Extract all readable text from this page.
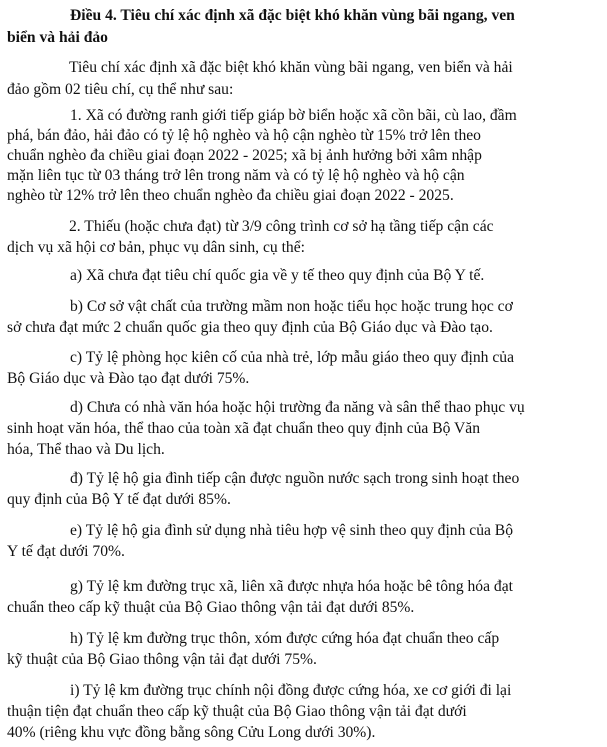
Điều 4. Tiêu chí xác định xã đặc biệt khó khăn vùng bãi ngang, ven
biển và hải đảo
Tiêu chí xác định xã đặc biệt khó khăn vùng bãi ngang, ven biển và hải
đảo gồm 02 tiêu chí, cụ thể như sau:
1. Xã có đường ranh giới tiếp giáp bờ biển hoặc xã cồn bãi, cù lao, đầm
phá, bán đảo, hải đảo có tỷ lệ hộ nghèo và hộ cận nghèo từ 15% trở lên theo
chuẩn nghèo đa chiều giai đoạn 2022 - 2025; xã bị ảnh hưởng bởi xâm nhập
mặn liên tục từ 03 tháng trở lên trong năm và có tỷ lệ hộ nghèo và hộ cận
nghèo từ 12% trở lên theo chuẩn nghèo đa chiều giai đoạn 2022 - 2025.
2. Thiếu (hoặc chưa đạt) từ 3/9 công trình cơ sở hạ tầng tiếp cận các
dịch vụ xã hội cơ bản, phục vụ dân sinh, cụ thể:
a) Xã chưa đạt tiêu chí quốc gia về y tế theo quy định của Bộ Y tế.
b) Cơ sở vật chất của trường mầm non hoặc tiểu học hoặc trung học cơ
sở chưa đạt mức 2 chuẩn quốc gia theo quy định của Bộ Giáo dục và Đào tạo.
c) Tỷ lệ phòng học kiên cố của nhà trẻ, lớp mẫu giáo theo quy định của
Bộ Giáo dục và Đào tạo đạt dưới 75%.
d) Chưa có nhà văn hóa hoặc hội trường đa năng và sân thể thao phục vụ
sinh hoạt văn hóa, thể thao của toàn xã đạt chuẩn theo quy định của Bộ Văn
hóa, Thể thao và Du lịch.
đ) Tỷ lệ hộ gia đình tiếp cận được nguồn nước sạch trong sinh hoạt theo
quy định của Bộ Y tế đạt dưới 85%.
e) Tỷ lệ hộ gia đình sử dụng nhà tiêu hợp vệ sinh theo quy định của Bộ
Y tế đạt dưới 70%.
g) Tỷ lệ km đường trục xã, liên xã được nhựa hóa hoặc bê tông hóa đạt
chuẩn theo cấp kỹ thuật của Bộ Giao thông vận tải đạt dưới 85%.
h) Tỷ lệ km đường trục thôn, xóm được cứng hóa đạt chuẩn theo cấp
kỹ thuật của Bộ Giao thông vận tải đạt dưới 75%.
i) Tỷ lệ km đường trục chính nội đồng được cứng hóa, xe cơ giới đi lại
thuận tiện đạt chuẩn theo cấp kỹ thuật của Bộ Giao thông vận tải đạt dưới
40% (riêng khu vực đồng bằng sông Cửu Long dưới 30%).
